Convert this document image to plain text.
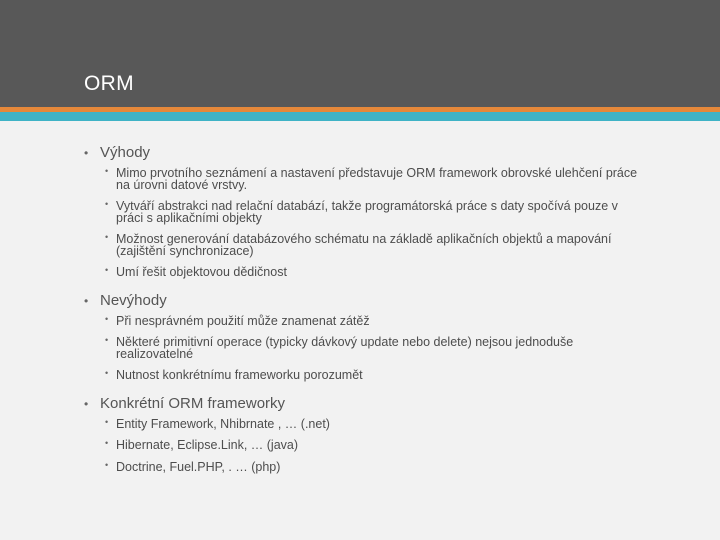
ORM
• Výhody
• Mimo prvotního seznámení a nastavení představuje ORM framework obrovské ulehčení práce na úrovni datové vrstvy.
• Vytváří abstrakci nad relační databází, takže programátorská práce s daty spočívá pouze v práci s aplikačními objekty
• Možnost generování databázového schématu na základě aplikačních objektů a mapování (zajištění synchronizace)
• Umí řešit objektovou dědičnost
• Nevýhody
• Při nesprávném použití může znamenat zátěž
• Některé primitivní operace (typicky dávkový update nebo delete) nejsou jednoduše realizovatelné
• Nutnost konkrétnímu frameworku porozumět
• Konkrétní ORM frameworky
• Entity Framework, Nhibrnate , … (.net)
• Hibernate, Eclipse.Link, … (java)
• Doctrine, Fuel.PHP, . … (php)
